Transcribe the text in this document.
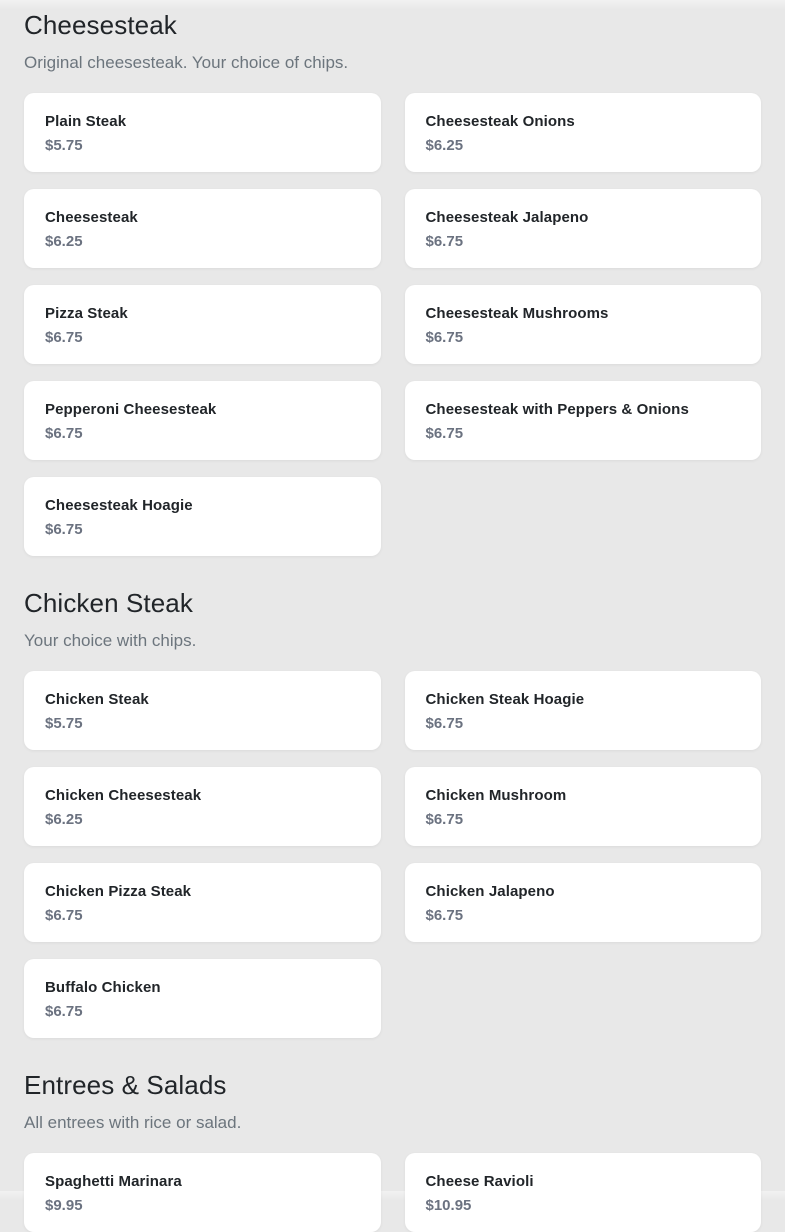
Cheesesteak

Original cheesesteak. Your choice of chips.

Plain Steak
$5.75
Cheesesteak Onions
$6.25
Cheesesteak
$6.25
Cheesesteak Jalapeno
$6.75
Pizza Steak
$6.75
Cheesesteak Mushrooms
$6.75
Pepperoni Cheesesteak
$6.75
Cheesesteak with Peppers & Onions
$6.75
Cheesesteak Hoagie
$6.75
Chicken Steak

Your choice with chips.

Chicken Steak
$5.75
Chicken Steak Hoagie
$6.75
Chicken Cheesesteak
$6.25
Chicken Mushroom
$6.75
Chicken Pizza Steak
$6.75
Chicken Jalapeno
$6.75
Buffalo Chicken
$6.75
Entrees & Salads

All entrees with rice or salad.

Spaghetti Marinara
$9.95
Cheese Ravioli
$10.95
